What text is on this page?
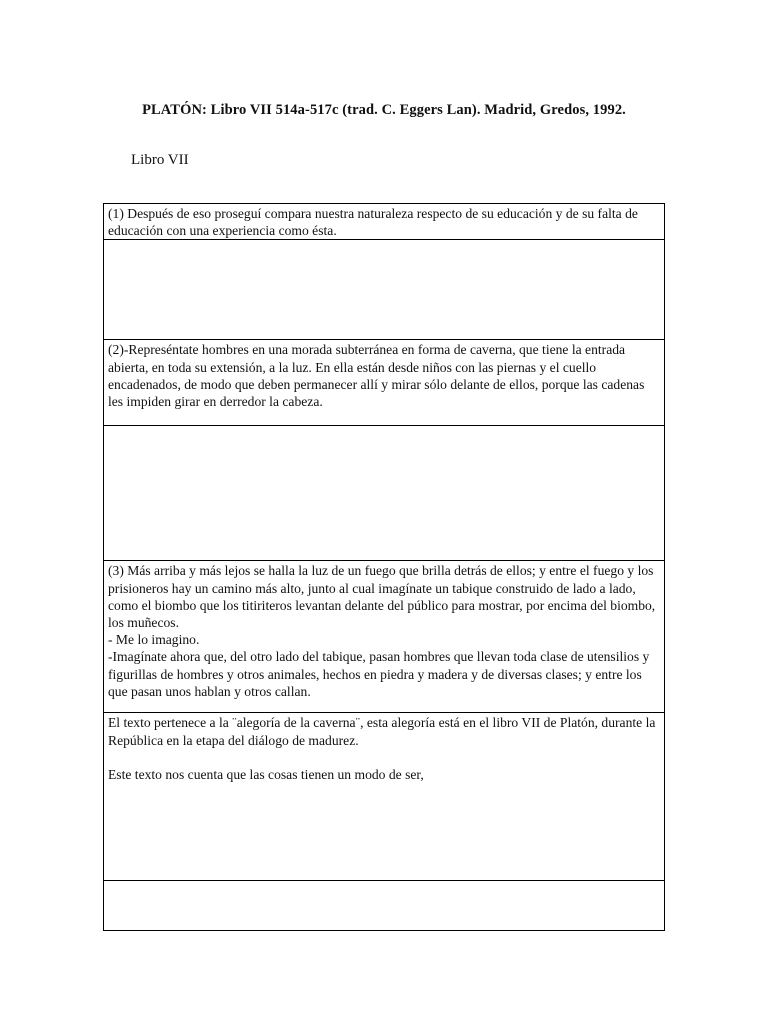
PLATÓN: Libro VII 514a-517c (trad. C. Eggers Lan). Madrid, Gredos, 1992.
Libro VII
(1) Después de eso proseguí compara nuestra naturaleza respecto de su educación y de su falta de educación con una experiencia como ésta.

(2)-Represéntate hombres en una morada subterránea en forma de caverna, que tiene la entrada abierta, en toda su extensión, a la luz. En ella están desde niños con las piernas y el cuello encadenados, de modo que deben permanecer allí y mirar sólo delante de ellos, porque las cadenas les impiden girar en derredor la cabeza.

(3) Más arriba y más lejos se halla la luz de un fuego que brilla detrás de ellos; y entre el fuego y los prisioneros hay un camino más alto, junto al cual imagínate un tabique construido de lado a lado, como el biombo que los titiriteros levantan delante del público para mostrar, por encima del biombo, los muñecos.
- Me lo imagino.
-Imagínate ahora que, del otro lado del tabique, pasan hombres que llevan toda clase de utensilios y figurillas de hombres y otros animales, hechos en piedra y madera y de diversas clases; y entre los que pasan unos hablan y otros callan.

El texto pertenece a la ¨alegoría de la caverna¨, esta alegoría está en el libro VII de Platón, durante la República en la etapa del diálogo de madurez.
Este texto nos cuenta que las cosas tienen un modo de ser,
